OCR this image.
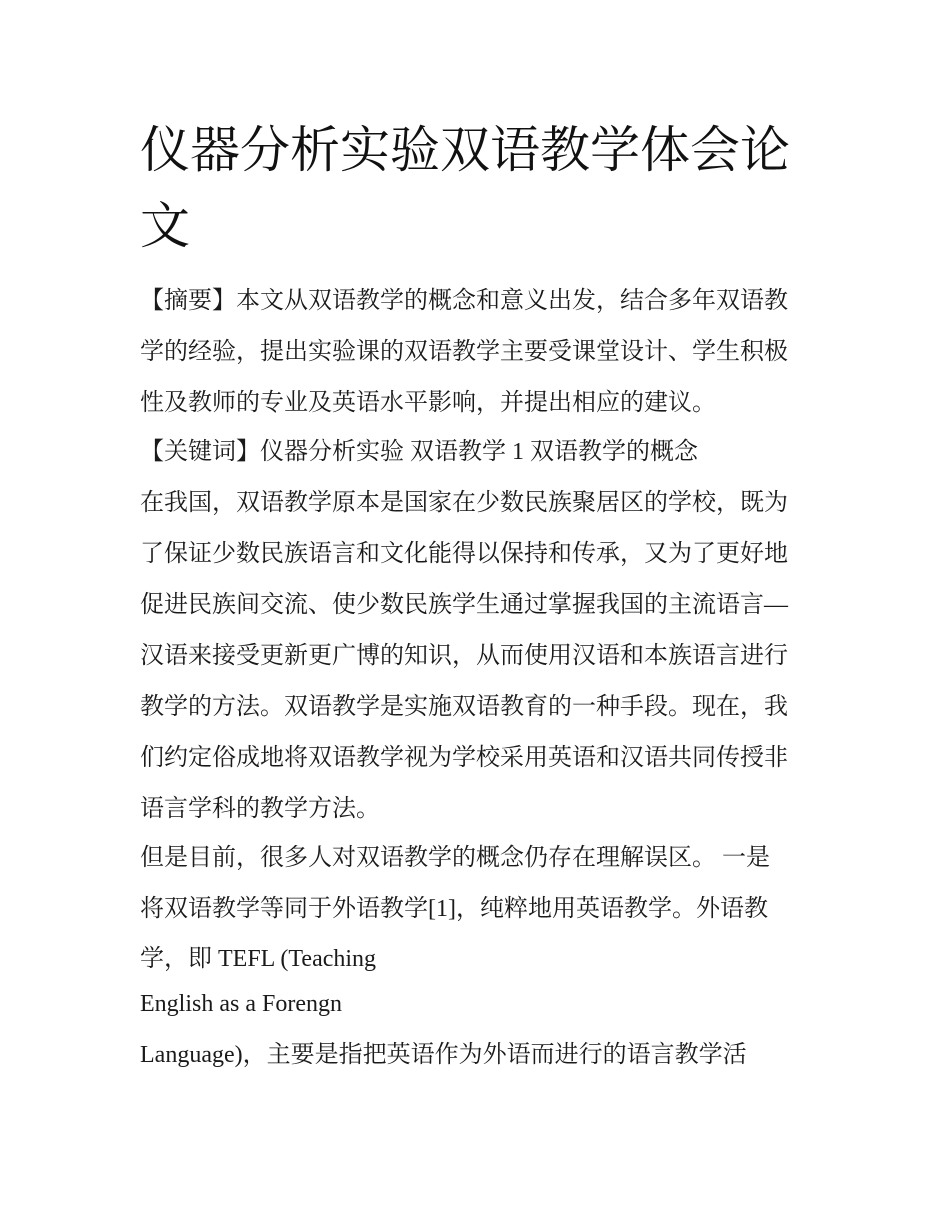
仪器分析实验双语教学体会论
文
【摘要】本文从双语教学的概念和意义出发，结合多年双语教
学的经验，提出实验课的双语教学主要受课堂设计、学生积极
性及教师的专业及英语水平影响，并提出相应的建议。
【关键词】仪器分析实验 双语教学 1 双语教学的概念
在我国，双语教学原本是国家在少数民族聚居区的学校，既为
了保证少数民族语言和文化能得以保持和传承，又为了更好地
促进民族间交流、使少数民族学生通过掌握我国的主流语言—
汉语来接受更新更广博的知识，从而使用汉语和本族语言进行
教学的方法。双语教学是实施双语教育的一种手段。现在，我
们约定俗成地将双语教学视为学校采用英语和汉语共同传授非
语言学科的教学方法。
但是目前，很多人对双语教学的概念仍存在理解误区。 一是
将双语教学等同于外语教学[1]，纯粹地用英语教学。外语教
学，即 TEFL (Teaching
English as a Forengn
Language)，主要是指把英语作为外语而进行的语言教学活
